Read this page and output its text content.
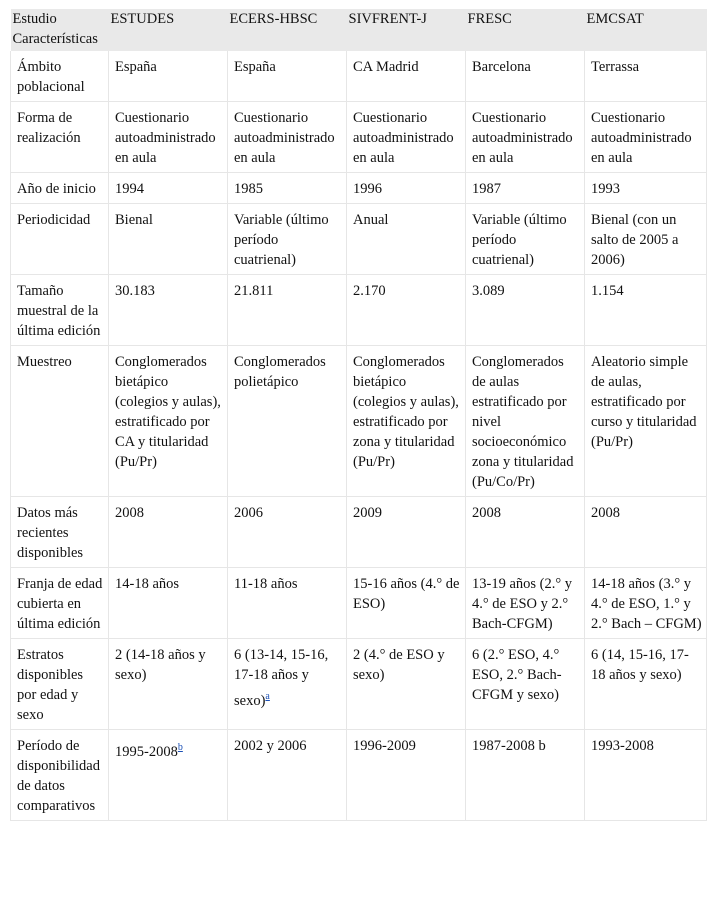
Estudio
Características	ESTUDES	ECERS-HBSC	SIVFRENT-J	FRESC	EMCSAT
Ámbito poblacional	España	España	CA Madrid	Barcelona	Terrassa
Forma de realización	Cuestionario autoadministrado en aula	Cuestionario autoadministrado en aula	Cuestionario autoadministrado en aula	Cuestionario autoadministrado en aula	Cuestionario autoadministrado en aula
Año de inicio	1994	1985	1996	1987	1993
Periodicidad	Bienal	Variable (último período cuatrienal)	Anual	Variable (último período cuatrienal)	Bienal (con un salto de 2005 a 2006)
Tamaño muestral de la última edición	30.183	21.811	2.170	3.089	1.154
Muestreo	Conglomerados bietápico (colegios y aulas), estratificado por CA y titularidad (Pu/Pr)	Conglomerados polietápico	Conglomerados bietápico (colegios y aulas), estratificado por zona y titularidad (Pu/Pr)	Conglomerados de aulas estratificado por nivel socioeconómico zona y titularidad (Pu/Co/Pr)	Aleatorio simple de aulas, estratificado por curso y titularidad (Pu/Pr)
Datos más recientes disponibles	2008	2006	2009	2008	2008
Franja de edad cubierta en última edición	14-18 años	11-18 años	15-16 años (4.° de ESO)	13-19 años (2.° y 4.° de ESO y 2.° Bach-CFGM)	14-18 años (3.° y 4.° de ESO, 1.° y 2.° Bach – CFGM)
Estratos disponibles por edad y sexo	2 (14-18 años y sexo)	6 (13-14, 15-16, 17-18 años y sexo)$^a$	2 (4.° de ESO y sexo)	6 (2.° ESO, 4.° ESO, 2.° Bach-CFGM y sexo)	6 (14, 15-16, 17-18 años y sexo)
Período de disponibilidad de datos comparativos	1995-2008$^b$	2002 y 2006	1996-2009	1987-2008 b	1993-2008
